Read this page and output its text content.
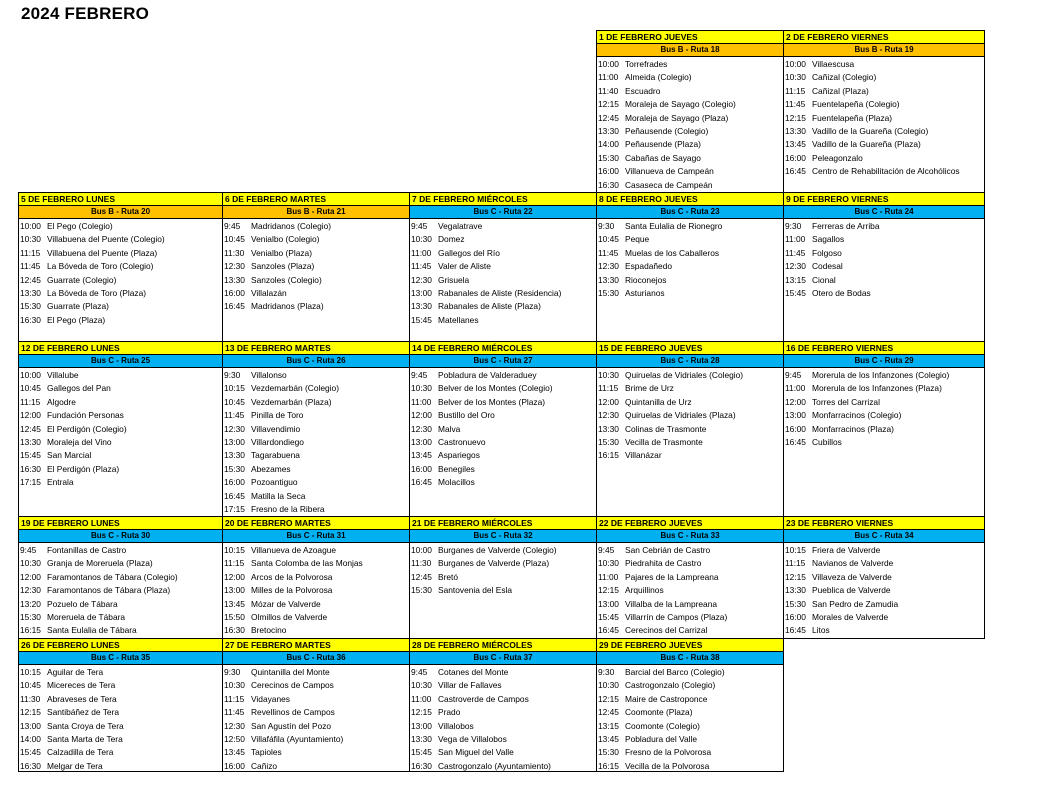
2024 FEBRERO
1 DE FEBRERO JUEVES
Bus B - Ruta 18
10:00 Torrefrades
11:00 Almeida (Colegio)
11:40 Escuadro
12:15 Moraleja de Sayago (Colegio)
12:45 Moraleja de Sayago (Plaza)
13:30 Peñausende (Colegio)
14:00 Peñausende (Plaza)
15:30 Cabañas de Sayago
16:00 Villanueva de Campeán
16:30 Casaseca de Campeán
2 DE FEBRERO VIERNES
Bus B - Ruta 19
10:00 Villaescusa
10:30 Cañizal (Colegio)
11:15 Cañizal (Plaza)
11:45 Fuentelapeña (Colegio)
12:15 Fuentelapeña (Plaza)
13:30 Vadillo de la Guareña (Colegio)
13:45 Vadillo de la Guareña (Plaza)
16:00 Peleagonzalo
16:45 Centro de Rehabilitación de Alcohólicos
5 DE FEBRERO LUNES
Bus B - Ruta 20
10:00 El Pego (Colegio)
10:30 Villabuena del Puente (Colegio)
11:15 Villabuena del Puente (Plaza)
11:45 La Bóveda de Toro (Colegio)
12:45 Guarrate (Colegio)
13:30 La Bóveda de Toro (Plaza)
15:30 Guarrate (Plaza)
16:30 El Pego (Plaza)
6 DE FEBRERO MARTES
Bus B - Ruta 21
9:45 Madridanos (Colegio)
10:45 Venialbo (Colegio)
11:30 Venialbo (Plaza)
12:30 Sanzoles (Plaza)
13:30 Sanzoles (Colegio)
16:00 Villalazán
16:45 Madridanos (Plaza)
7 DE FEBRERO MIÉRCOLES
Bus C - Ruta 22
9:45 Vegalatrave
10:30 Domez
11:00 Gallegos del Río
11:45 Valer de Aliste
12:30 Grisuela
13:00 Rabanales de Aliste (Residencia)
13:30 Rabanales de Aliste (Plaza)
15:45 Matellanes
8 DE FEBRERO JUEVES
Bus C - Ruta 23
9:30 Santa Eulalia de Rionegro
10:45 Peque
11:45 Muelas de los Caballeros
12:30 Espadañedo
13:30 Rioconejos
15:30 Asturianos
9 DE FEBRERO VIERNES
Bus C - Ruta 24
9:30 Ferreras de Arriba
11:00 Sagallos
11:45 Folgoso
12:30 Codesal
13:15 Cional
15:45 Otero de Bodas
12 DE FEBRERO LUNES
Bus C - Ruta 25
10:00 Villalube
10:45 Gallegos del Pan
11:15 Algodre
12:00 Fundación Personas
12:45 El Perdigón (Colegio)
13:30 Moraleja del Vino
15:45 San Marcial
16:30 El Perdigón (Plaza)
17:15 Entrala
13 DE FEBRERO MARTES
Bus C - Ruta 26
9:30 Villalonso
10:15 Vezdemarbán (Colegio)
10:45 Vezdemarbán (Plaza)
11:45 Pinilla de Toro
12:30 Villavendimio
13:00 Villardondiego
13:30 Tagarabuena
15:30 Abezames
16:00 Pozoantiguo
16:45 Matilla la Seca
17:15 Fresno de la Ribera
14 DE FEBRERO MIÉRCOLES
Bus C - Ruta 27
9:45 Pobladura de Valderaduey
10:30 Belver de los Montes (Colegio)
11:00 Belver de los Montes (Plaza)
12:00 Bustillo del Oro
12:30 Malva
13:00 Castronuevo
13:45 Aspariegos
16:00 Benegiles
16:45 Molacillos
15 DE FEBRERO JUEVES
Bus C - Ruta 28
10:30 Quiruelas de Vidriales (Colegio)
11:15 Brime de Urz
12:00 Quintanilla de Urz
12:30 Quiruelas de Vidriales (Plaza)
13:30 Colinas de Trasmonte
15:30 Vecilla de Trasmonte
16:15 Villanázar
16 DE FEBRERO VIERNES
Bus C - Ruta 29
9:45 Morerula de los Infanzones (Colegio)
11:00 Morerula de los Infanzones (Plaza)
12:00 Torres del Carrizal
13:00 Monfarracinos (Colegio)
16:00 Monfarracinos (Plaza)
16:45 Cubillos
19 DE FEBRERO LUNES
Bus C - Ruta 30
9:45 Fontanillas de Castro
10:30 Granja de Moreruela (Plaza)
12:00 Faramontanos de Tábara (Colegio)
12:30 Faramontanos de Tábara (Plaza)
13:20 Pozuelo de Tábara
15:30 Moreruela de Tábara
16:15 Santa Eulalia de Tábara
20 DE FEBRERO MARTES
Bus C - Ruta 31
10:15 Villanueva de Azoague
11:15 Santa Colomba de las Monjas
12:00 Arcos de la Polvorosa
13:00 Milles de la Polvorosa
13:45 Mózar de Valverde
15:50 Olmillos de Valverde
16:30 Bretocino
21 DE FEBRERO MIÉRCOLES
Bus C - Ruta 32
10:00 Burganes de Valverde (Colegio)
11:30 Burganes de Valverde (Plaza)
12:45 Bretó
15:30 Santovenia del Esla
22 DE FEBRERO JUEVES
Bus C - Ruta 33
9:45 San Cebrián de Castro
10:30 Piedrahita de Castro
11:00 Pajares de la Lampreana
12:15 Arquillinos
13:00 Villalba de la Lampreana
15:45 Villarrín de Campos (Plaza)
16:45 Cerecinos del Carrizal
23 DE FEBRERO VIERNES
Bus C - Ruta 34
10:15 Friera de Valverde
11:15 Navianos de Valverde
12:15 Villaveza de Valverde
13:30 Pueblica de Valverde
15:30 San Pedro de Zamudia
16:00 Morales de Valverde
16:45 Litos
26 DE FEBRERO LUNES
Bus C - Ruta 35
10:15 Aguilar de Tera
10:45 Micereces de Tera
11:30 Abraveses de Tera
12:15 Santibáñez de Tera
13:00 Santa Croya de Tera
14:00 Santa Marta de Tera
15:45 Calzadilla de Tera
16:30 Melgar de Tera
27 DE FEBRERO MARTES
Bus C - Ruta 36
9:30 Quintanilla del Monte
10:30 Cerecinos de Campos
11:15 Vidayanes
11:45 Revellinos de Campos
12:30 San Agustín del Pozo
12:50 Villafáfila (Ayuntamiento)
13:45 Tapioles
16:00 Cañizo
28 DE FEBRERO MIÉRCOLES
Bus C - Ruta 37
9:45 Cotanes del Monte
10:30 Villar de Fallaves
11:00 Castroverde de Campos
12:15 Prado
13:00 Villalobos
13:30 Vega de Villalobos
15:45 San Miguel del Valle
16:30 Castrogonzalo (Ayuntamiento)
29 DE FEBRERO JUEVES
Bus C - Ruta 38
9:30 Barcial del Barco (Colegio)
10:30 Castrogonzalo (Colegio)
12:15 Maire de Castroponce
12:45 Coomonte (Plaza)
13:15 Coomonte (Colegio)
13:45 Pobladura del Valle
15:30 Fresno de la Polvorosa
16:15 Vecilla de la Polvorosa
